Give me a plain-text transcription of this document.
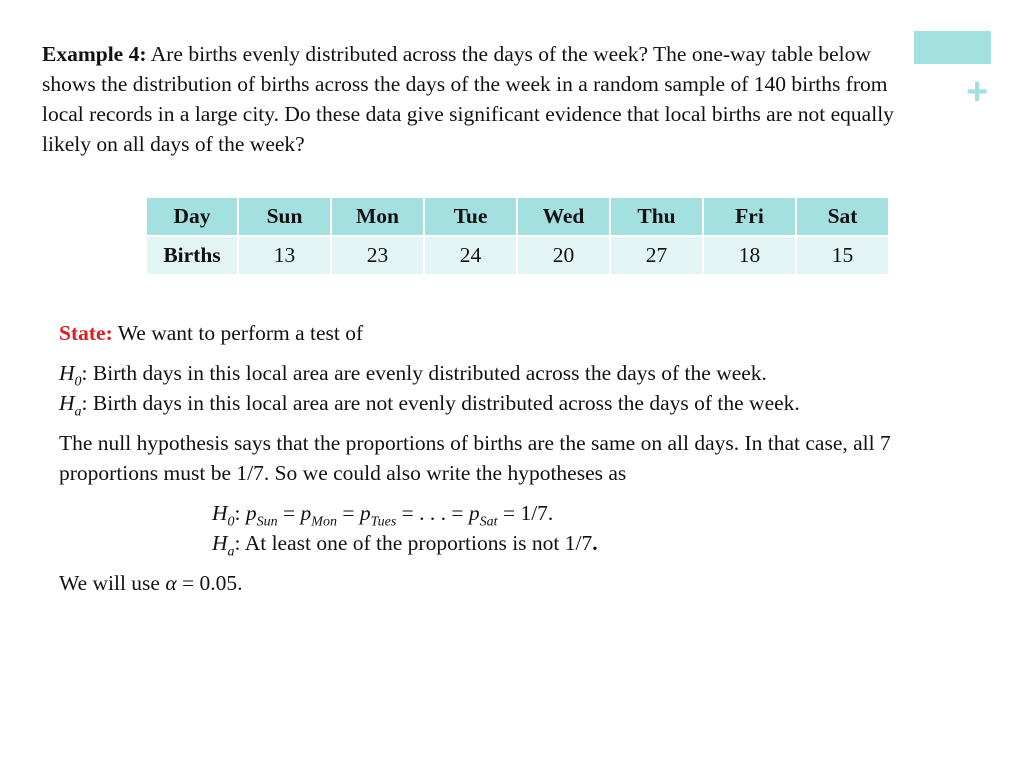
+

Example 4: Are births evenly distributed across the days of the week? The one-way table below shows the distribution of births across the days of the week in a random sample of 140 births from local records in a large city. Do these data give significant evidence that local births are not equally likely on all days of the week?

Day	Sun	Mon	Tue	Wed	Thu	Fri	Sat
Births	13	23	24	20	27	18	15

State: We want to perform a test of

$H_0$: Birth days in this local area are evenly distributed across the days of the week.

$H_a$: Birth days in this local area are not evenly distributed across the days of the week.

The null hypothesis says that the proportions of births are the same on all days. In that case, all 7 proportions must be 1/7. So we could also write the hypotheses as

$H_0$: $p_{Sun} = p_{Mon} = p_{Tues}$ = . . . = $p_{Sat} = 1/7$.

$H_a$: At least one of the proportions is not 1/7.

We will use α = 0.05.
